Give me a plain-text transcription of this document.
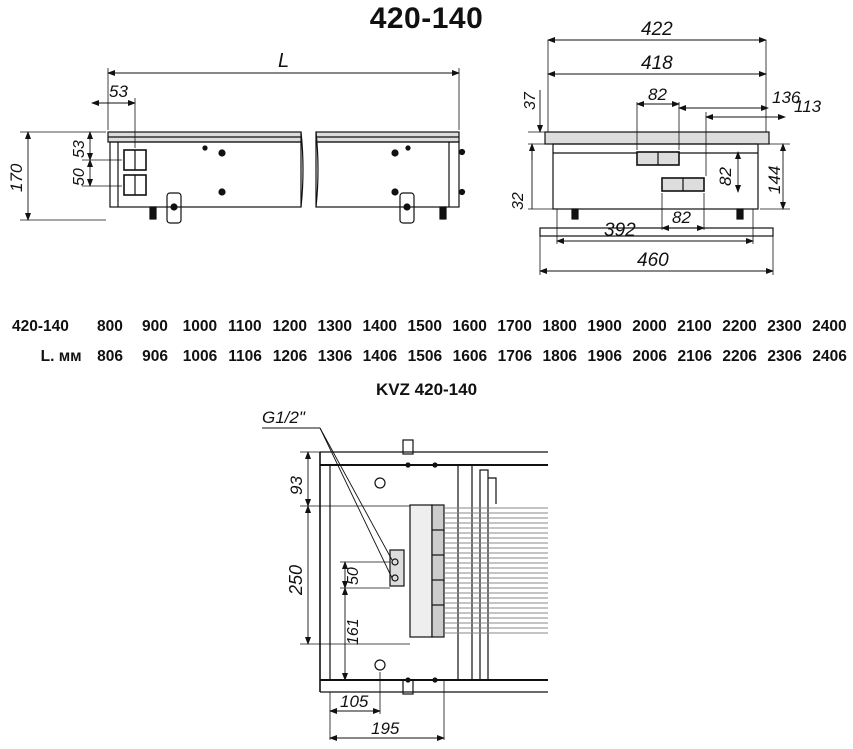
420-140
L
53
170	50
53
422
418
82	136
113
37
32
82 144
82
392
460
G1/2"
93
250 50
161
105
195
420-140	800	900 1000 1100 1200 1300 1400 1500 1600 1700 1800 1900 2000 2100 2200 2300 2400
L. мм	806	906 1006 1106 1206 1306 1406 1506 1606 1706 1806 1906 2006 2106 2206 2306 2406
KVZ 420-140
